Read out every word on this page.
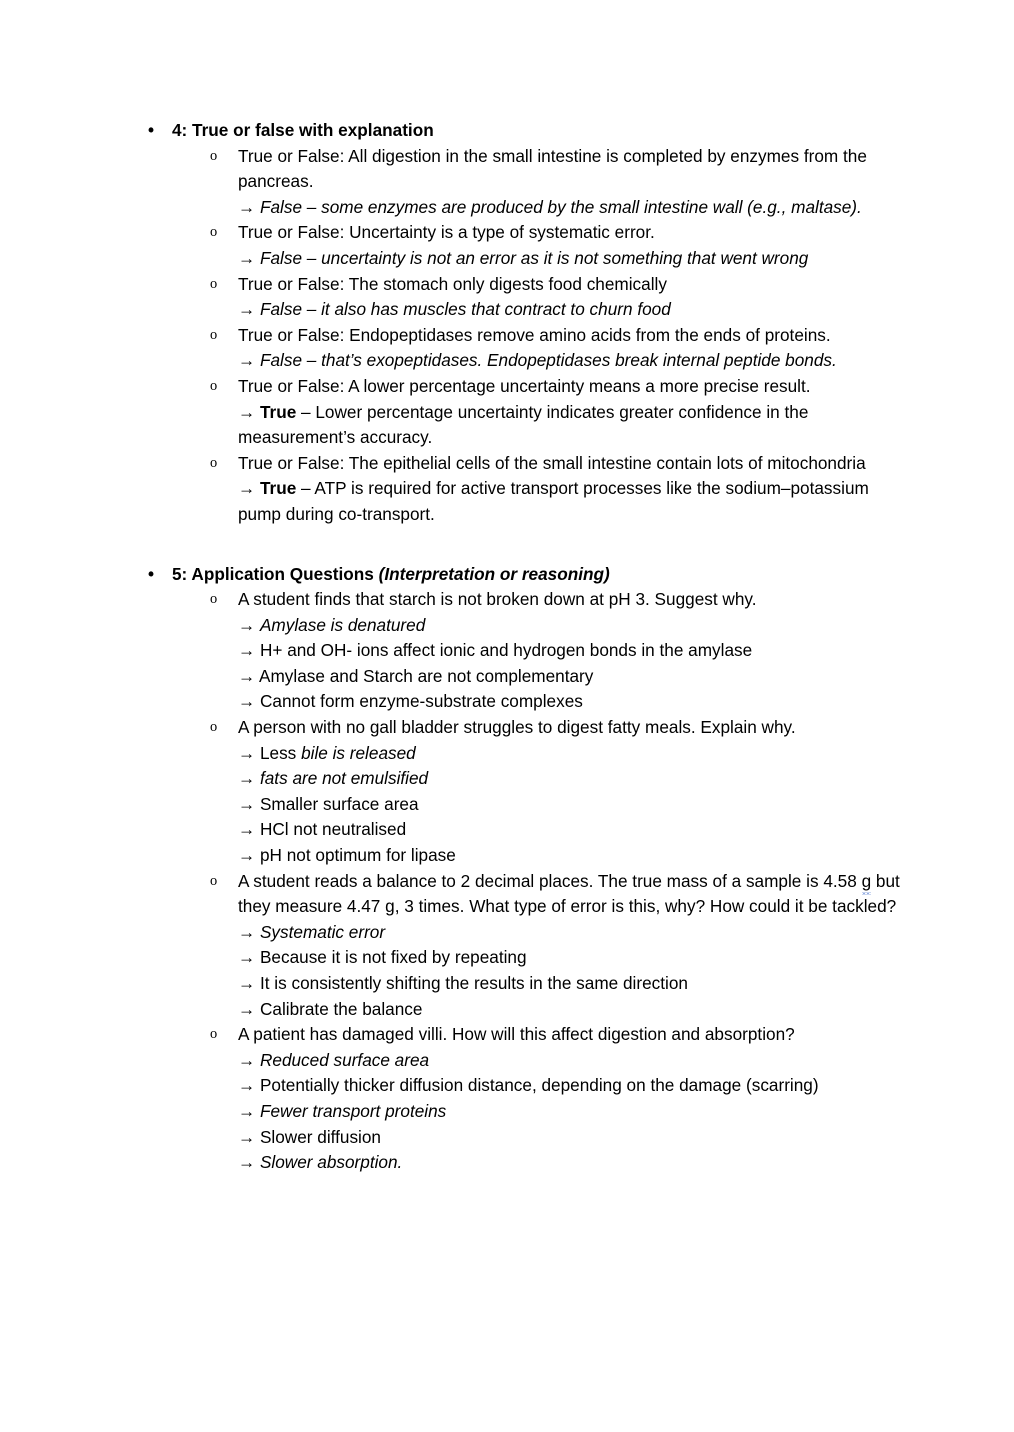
• 4: True or false with explanation
o True or False: All digestion in the small intestine is completed by enzymes from the pancreas.
→ False – some enzymes are produced by the small intestine wall (e.g., maltase).
o True or False: Uncertainty is a type of systematic error.
→ False – uncertainty is not an error as it is not something that went wrong
o True or False: The stomach only digests food chemically
→ False – it also has muscles that contract to churn food
o True or False: Endopeptidases remove amino acids from the ends of proteins.
→ False – that’s exopeptidases. Endopeptidases break internal peptide bonds.
o True or False: A lower percentage uncertainty means a more precise result.
→ True – Lower percentage uncertainty indicates greater confidence in the measurement’s accuracy.
o True or False: The epithelial cells of the small intestine contain lots of mitochondria
→ True – ATP is required for active transport processes like the sodium–potassium pump during co-transport.
• 5: Application Questions (Interpretation or reasoning)
o A student finds that starch is not broken down at pH 3. Suggest why.
→ Amylase is denatured
→ H+ and OH- ions affect ionic and hydrogen bonds in the amylase
→ Amylase and Starch are not complementary
→ Cannot form enzyme-substrate complexes
o A person with no gall bladder struggles to digest fatty meals. Explain why.
→ Less bile is released
→ fats are not emulsified
→ Smaller surface area
→ HCl not neutralised
→ pH not optimum for lipase
o A student reads a balance to 2 decimal places. The true mass of a sample is 4.58 g but they measure 4.47 g, 3 times. What type of error is this, why? How could it be tackled?
→ Systematic error
→ Because it is not fixed by repeating
→ It is consistently shifting the results in the same direction
→ Calibrate the balance
o A patient has damaged villi. How will this affect digestion and absorption?
→ Reduced surface area
→ Potentially thicker diffusion distance, depending on the damage (scarring)
→ Fewer transport proteins
→ Slower diffusion
→ Slower absorption.
